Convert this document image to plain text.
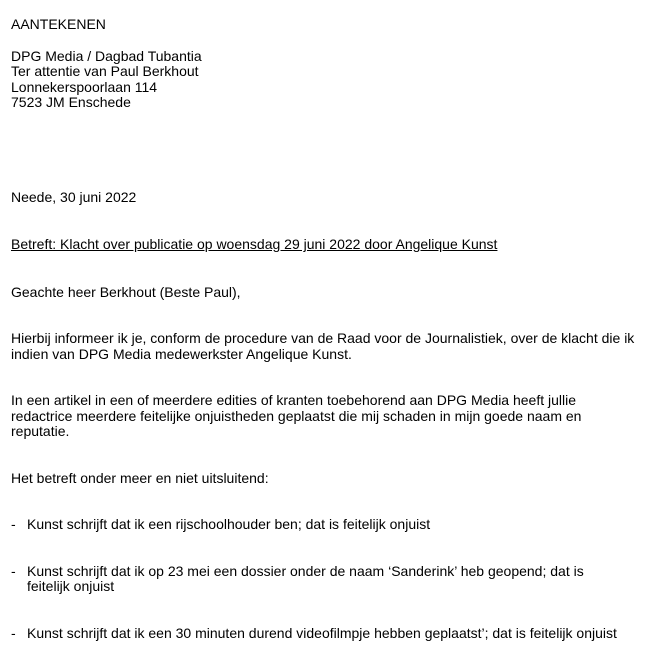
AANTEKENEN
DPG Media / Dagbad Tubantia
Ter attentie van Paul Berkhout
Lonnekerspoorlaan 114
7523 JM Enschede
Neede, 30 juni 2022
Betreft: Klacht over publicatie op woensdag 29 juni 2022 door Angelique Kunst
Geachte heer Berkhout (Beste Paul),
Hierbij informeer ik je, conform de procedure van de Raad voor de Journalistiek, over de klacht die ik indien van DPG Media medewerkster Angelique Kunst.
In een artikel in een of meerdere edities of kranten toebehorend aan DPG Media heeft jullie redactrice meerdere feitelijke onjuistheden geplaatst die mij schaden in mijn goede naam en reputatie.
Het betreft onder meer en niet uitsluitend:
- Kunst schrijft dat ik een rijschoolhouder ben; dat is feitelijk onjuist
- Kunst schrijft dat ik op 23 mei een dossier onder de naam ‘Sanderink’ heb geopend; dat is feitelijk onjuist
- Kunst schrijft dat ik een 30 minuten durend videofilmpje hebben geplaatst’; dat is feitelijk onjuist
